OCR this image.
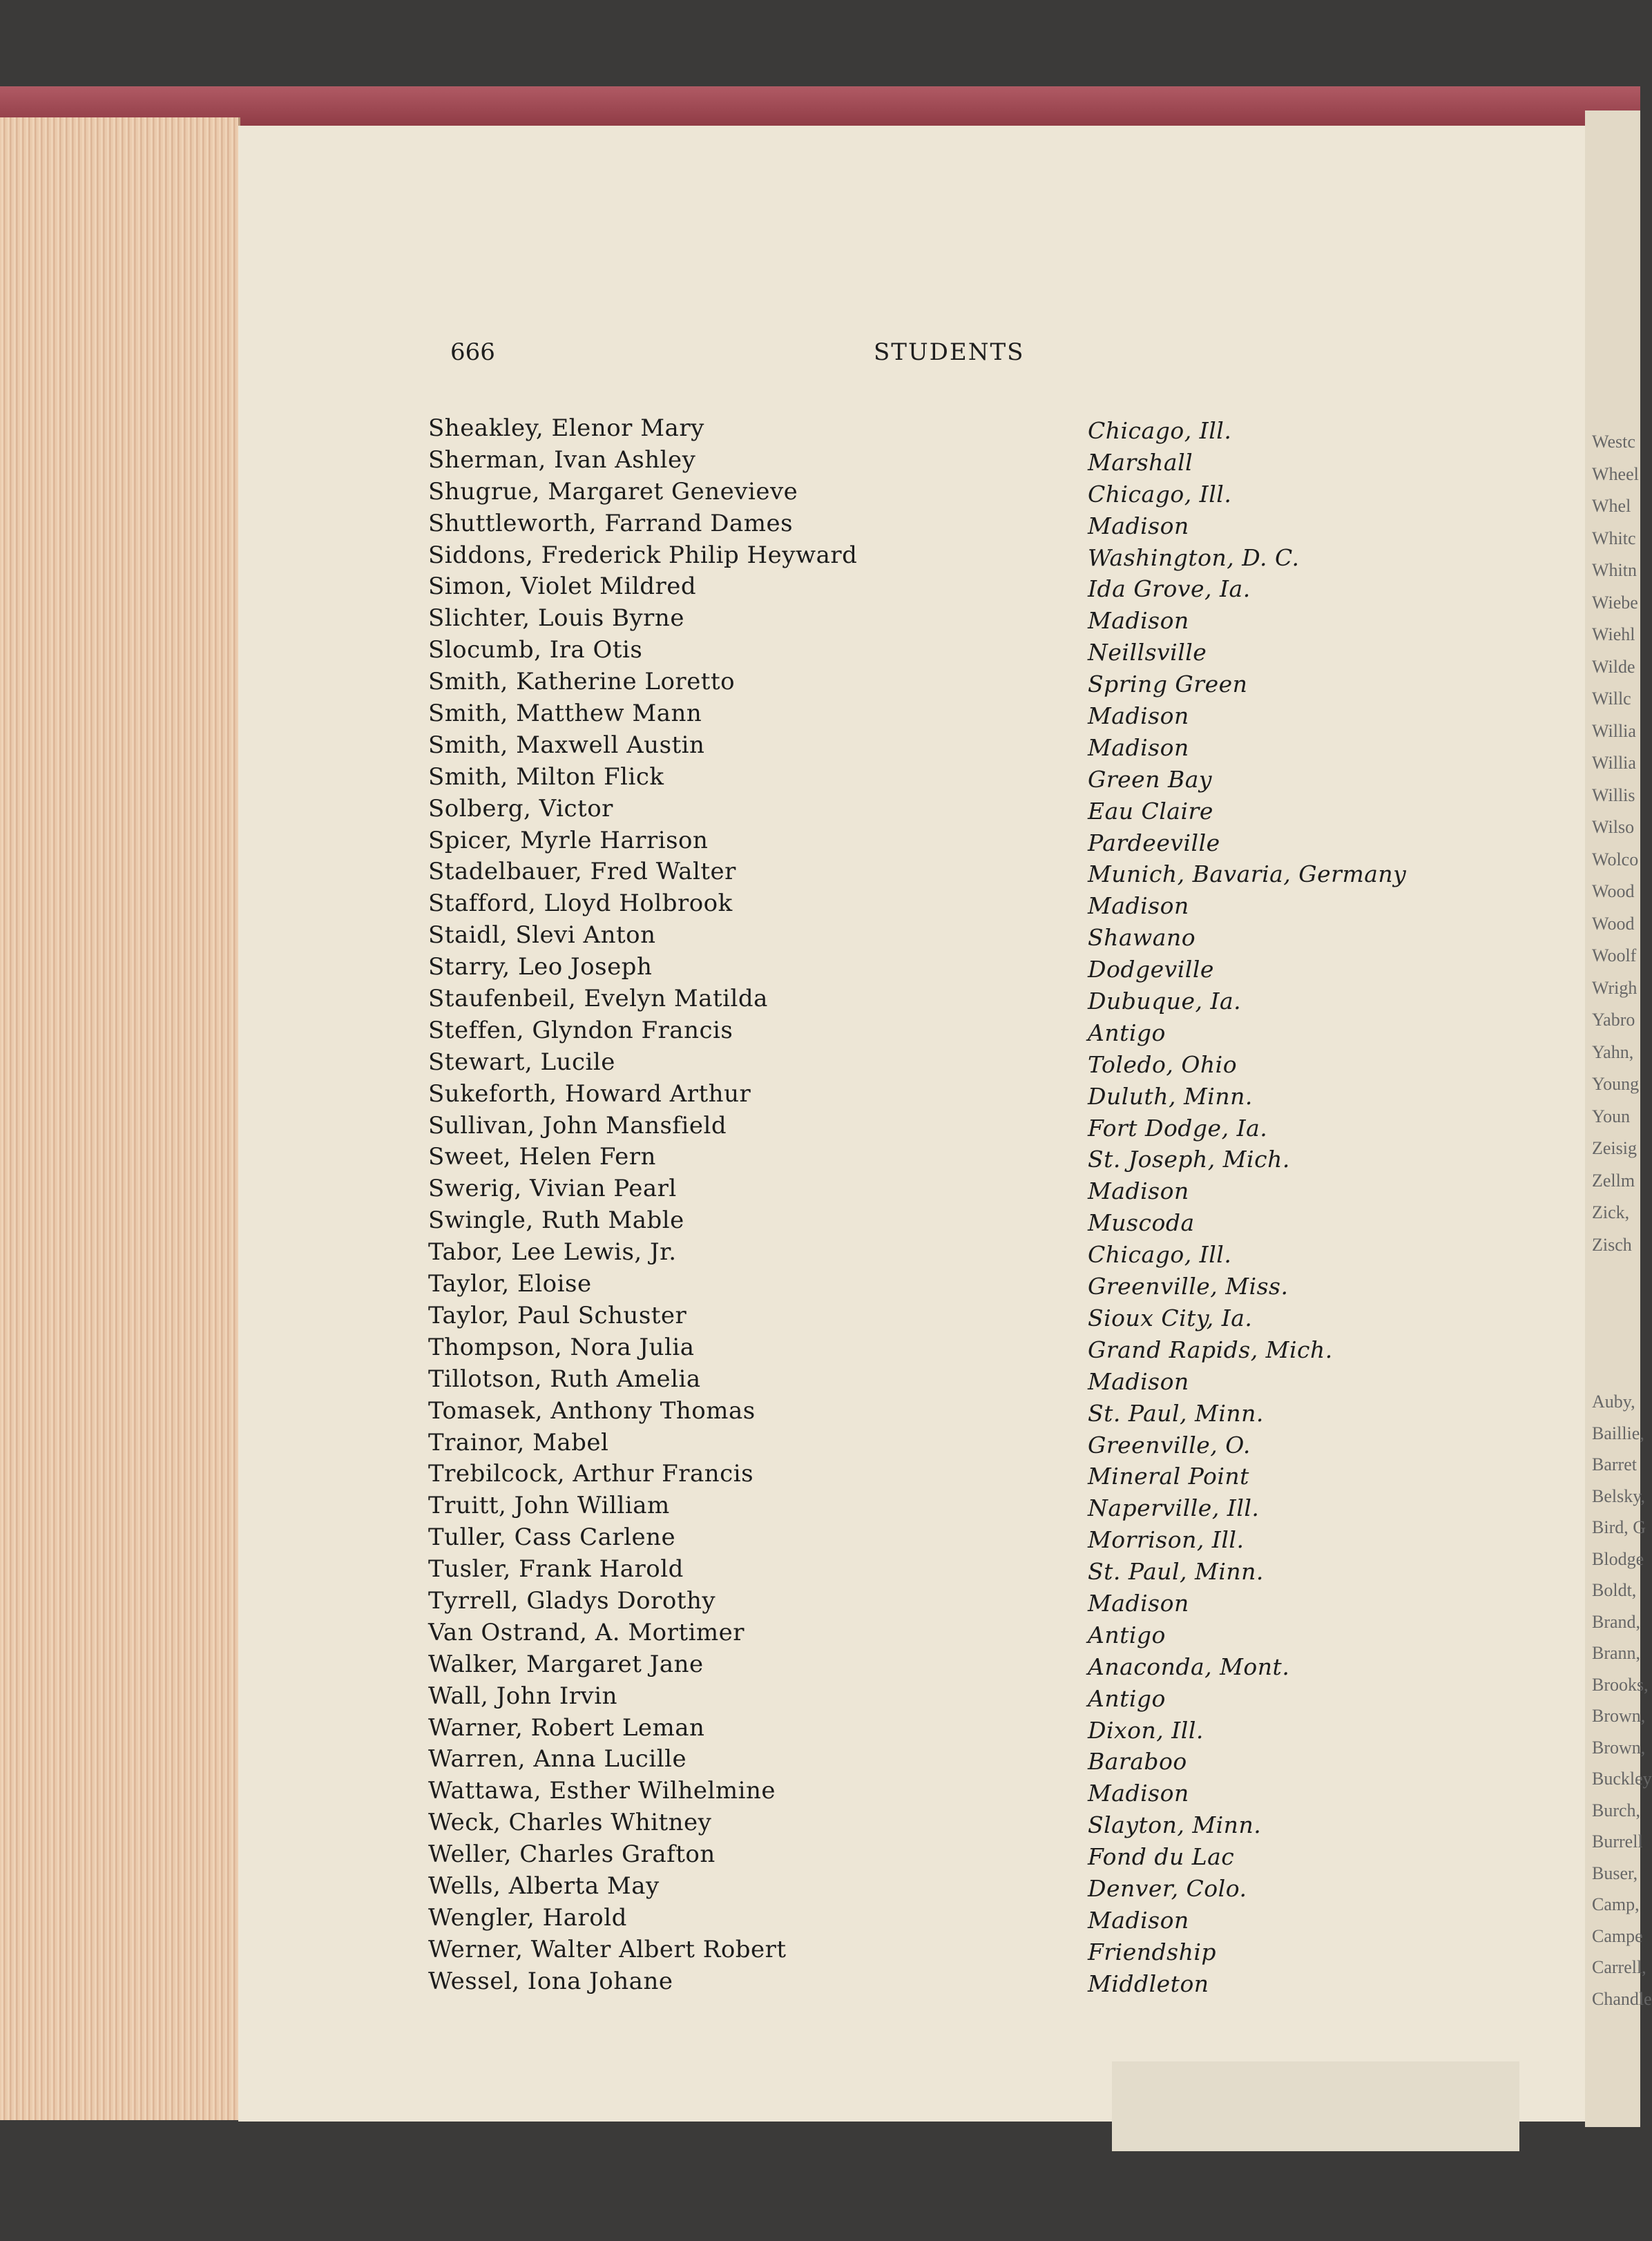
Westc
Wheel
Whel
Whitc
Whitn
Wiebe
Wiehl
Wilde
Willc
Willia
Willia
Willis
Wilso
Wolco
Wood
Wood
Woolf
Wrigh
Yabro
Yahn,
Young
Youn
Zeisig
Zellm
Zick,
Zisch
Auby,
Baillie,
Barret
Belsky,
Bird, G
Blodge
Boldt,
Brand,
Brann,
Brooks,
Brown,
Brown,
Buckley
Burch,
Burrell
Buser,
Camp,
Campe
Carrell,
Chandle
666	STUDENTS
Sheakley, Elenor Mary	Chicago, Ill.
Sherman, Ivan Ashley	Marshall
Shugrue, Margaret Genevieve	Chicago, Ill.
Shuttleworth, Farrand Dames	Madison
Siddons, Frederick Philip Heyward	Washington, D. C.
Simon, Violet Mildred	Ida Grove, Ia.
Slichter, Louis Byrne	Madison
Slocumb, Ira Otis	Neillsville
Smith, Katherine Loretto	Spring Green
Smith, Matthew Mann	Madison
Smith, Maxwell Austin	Madison
Smith, Milton Flick	Green Bay
Solberg, Victor	Eau Claire
Spicer, Myrle Harrison	Pardeeville
Stadelbauer, Fred Walter	Munich, Bavaria, Germany
Stafford, Lloyd Holbrook	Madison
Staidl, Slevi Anton	Shawano
Starry, Leo Joseph	Dodgeville
Staufenbeil, Evelyn Matilda	Dubuque, Ia.
Steffen, Glyndon Francis	Antigo
Stewart, Lucile	Toledo, Ohio
Sukeforth, Howard Arthur	Duluth, Minn.
Sullivan, John Mansfield	Fort Dodge, Ia.
Sweet, Helen Fern	St. Joseph, Mich.
Swerig, Vivian Pearl	Madison
Swingle, Ruth Mable	Muscoda
Tabor, Lee Lewis, Jr.	Chicago, Ill.
Taylor, Eloise	Greenville, Miss.
Taylor, Paul Schuster	Sioux City, Ia.
Thompson, Nora Julia	Grand Rapids, Mich.
Tillotson, Ruth Amelia	Madison
Tomasek, Anthony Thomas	St. Paul, Minn.
Trainor, Mabel	Greenville, O.
Trebilcock, Arthur Francis	Mineral Point
Truitt, John William	Naperville, Ill.
Tuller, Cass Carlene	Morrison, Ill.
Tusler, Frank Harold	St. Paul, Minn.
Tyrrell, Gladys Dorothy	Madison
Van Ostrand, A. Mortimer	Antigo
Walker, Margaret Jane	Anaconda, Mont.
Wall, John Irvin	Antigo
Warner, Robert Leman	Dixon, Ill.
Warren, Anna Lucille	Baraboo
Wattawa, Esther Wilhelmine	Madison
Weck, Charles Whitney	Slayton, Minn.
Weller, Charles Grafton	Fond du Lac
Wells, Alberta May	Denver, Colo.
Wengler, Harold	Madison
Werner, Walter Albert Robert	Friendship
Wessel, Iona Johane	Middleton
